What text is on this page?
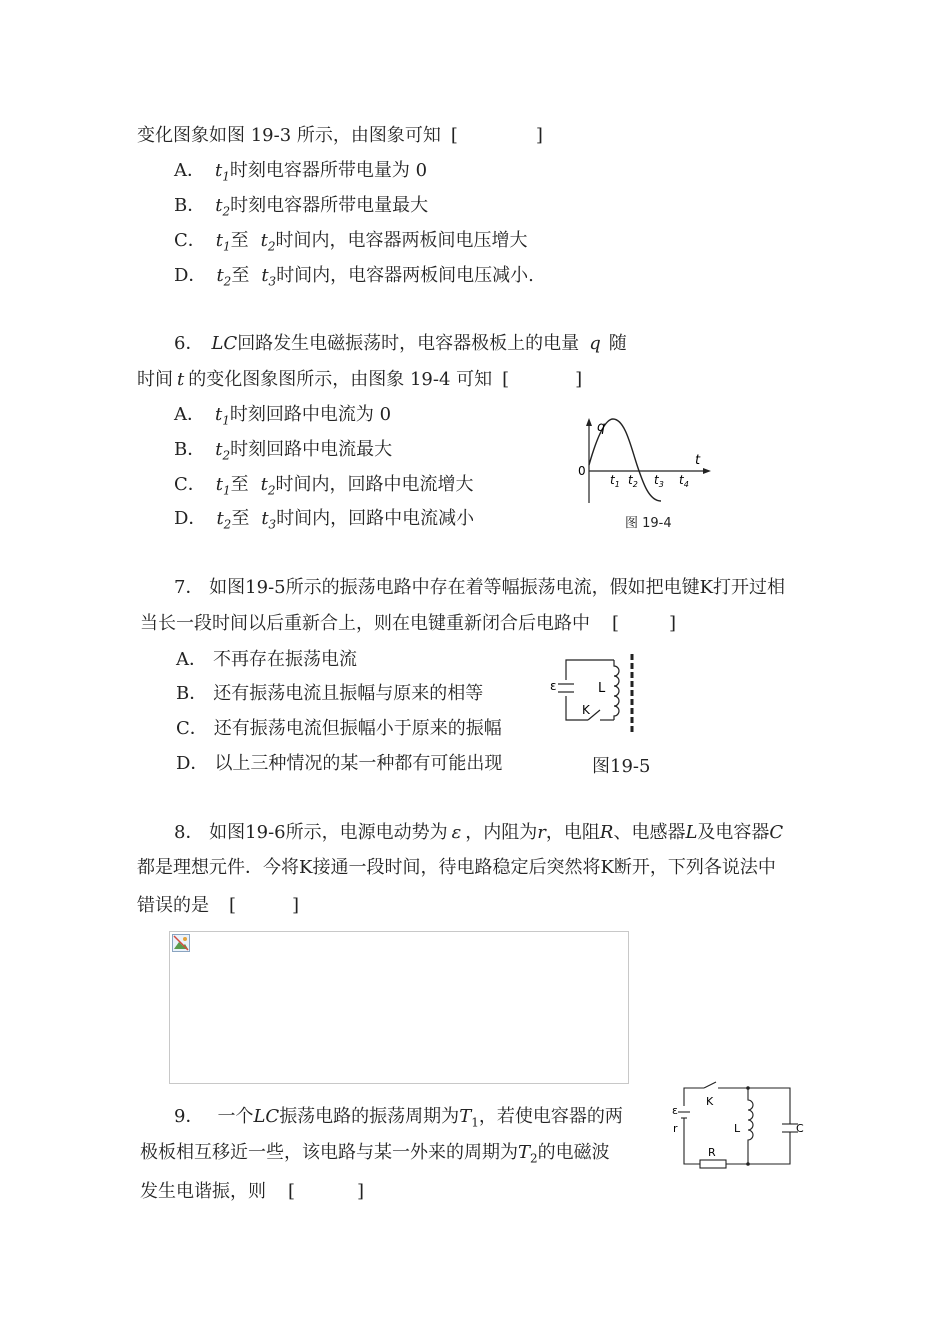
变化图象如图 19-3 所示，由图象可知 [	]
A． $t_1$时刻电容器所带电量为 0
B． $t_2$时刻电容器所带电量最大
C． $t_1$至 $t_2$时间内，电容器两板间电压增大
D． $t_2$至 $t_3$时间内，电容器两板间电压减小.
6． LC回路发生电磁振荡时，电容器极板上的电量 q 随
时间 t 的变化图象图所示，由图象 19-4 可知 [	]
A． $t_1$时刻回路中电流为 0
B． $t_2$时刻回路中电流最大
C． $t_1$至 $t_2$时间内，回路中电流增大
D． $t_2$至 $t_3$时间内，回路中电流减小
q
t
0
$t_1$ $t_2$ $t_3$ $t_4$
图 19-4
7． 如图19-5所示的振荡电路中存在着等幅振荡电流，假如把电键K打开过相
当长一段时间以后重新合上，则在电键重新闭合后电路中 [	]
A． 不再存在振荡电流
B． 还有振荡电流且振幅与原来的相等
C． 还有振荡电流但振幅小于原来的振幅
D． 以上三种情况的某一种都有可能出现
ε	L
K
图19-5
8． 如图19-6所示，电源电动势为 ε ，内阻为r，电阻R、电感器L及电容器C
都是理想元件．今将K接通一段时间，待电路稳定后突然将K断开，下列各说法中
错误的是 [	]
9． 一个LC振荡电路的振荡周期为$T_1$，若使电容器的两
极板相互移近一些，该电路与某一外来的周期为$T_2$的电磁波
发生电谐振，则 [	]
K
ε
r	L	C
R
